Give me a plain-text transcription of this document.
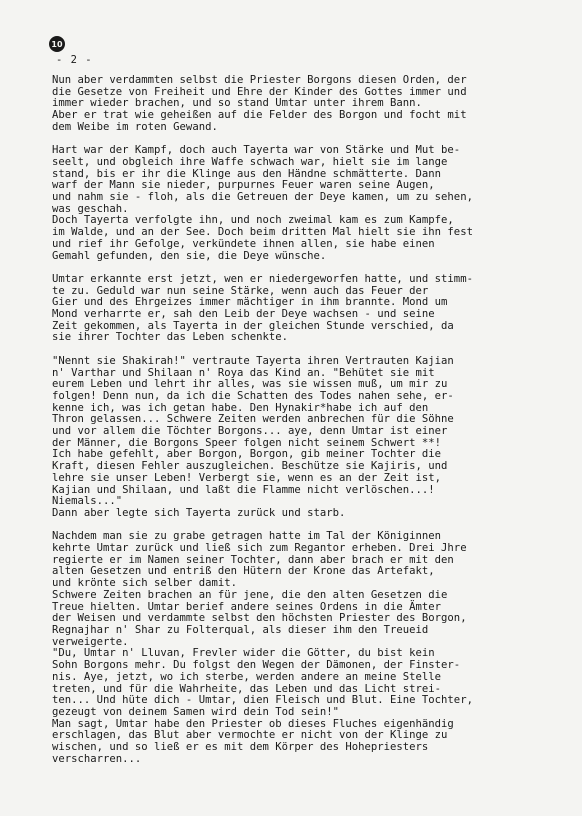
10
- 2 -

Nun aber verdammten selbst die Priester Borgons diesen Orden, der

die Gesetze von Freiheit und Ehre der Kinder des Gottes immer und

immer wieder brachen, und so stand Umtar unter ihrem Bann.

Aber er trat wie geheißen auf die Felder des Borgon und focht mit

dem Weibe im roten Gewand.

Hart war der Kampf, doch auch Tayerta war von Stärke und Mut be-

seelt, und obgleich ihre Waffe schwach war, hielt sie im lange

stand, bis er ihr die Klinge aus den Händne schmätterte. Dann

warf der Mann sie nieder, purpurnes Feuer waren seine Augen,

und nahm sie - floh, als die Getreuen der Deye kamen, um zu sehen,

was geschah.

Doch Tayerta verfolgte ihn, und noch zweimal kam es zum Kampfe,

im Walde, und an der See. Doch beim dritten Mal hielt sie ihn fest

und rief ihr Gefolge, verkündete ihnen allen, sie habe einen

Gemahl gefunden, den sie, die Deye wünsche.

Umtar erkannte erst jetzt, wen er niedergeworfen hatte, und stimm-

te zu. Geduld war nun seine Stärke, wenn auch das Feuer der

Gier und des Ehrgeizes immer mächtiger in ihm brannte. Mond um

Mond verharrte er, sah den Leib der Deye wachsen - und seine

Zeit gekommen, als Tayerta in der gleichen Stunde verschied, da

sie ihrer Tochter das Leben schenkte.

"Nennt sie Shakirah!" vertraute Tayerta ihren Vertrauten Kajian

n' Varthar und Shilaan n' Roya das Kind an. "Behütet sie mit

eurem Leben und lehrt ihr alles, was sie wissen muß, um mir zu

folgen! Denn nun, da ich die Schatten des Todes nahen sehe, er-

kenne ich, was ich getan habe. Den Hynakir*habe ich auf den

Thron gelassen... Schwere Zeiten werden anbrechen für die Söhne

und vor allem die Töchter Borgons... aye, denn Umtar ist einer

der Männer, die Borgons Speer folgen nicht seinem Schwert **!

Ich habe gefehlt, aber Borgon, Borgon, gib meiner Tochter die

Kraft, diesen Fehler auszugleichen. Beschütze sie Kajiris, und

lehre sie unser Leben! Verbergt sie, wenn es an der Zeit ist,

Kajian und Shilaan, und laßt die Flamme nicht verlöschen...!

Niemals..."

Dann aber legte sich Tayerta zurück und starb.

Nachdem man sie zu grabe getragen hatte im Tal der Königinnen

kehrte Umtar zurück und ließ sich zum Regantor erheben. Drei Jhre

regierte er im Namen seiner Tochter, dann aber brach er mit den

alten Gesetzen und entriß den Hütern der Krone das Artefakt,

und krönte sich selber damit.

Schwere Zeiten brachen an für jene, die den alten Gesetzen die

Treue hielten. Umtar berief andere seines Ordens in die Ämter

der Weisen und verdammte selbst den höchsten Priester des Borgon,

Regnajhar n' Shar zu Folterqual, als dieser ihm den Treueid

verweigerte.

"Du, Umtar n' Lluvan, Frevler wider die Götter, du bist kein

Sohn Borgons mehr. Du folgst den Wegen der Dämonen, der Finster-

nis. Aye, jetzt, wo ich sterbe, werden andere an meine Stelle

treten, und für die Wahrheite, das Leben und das Licht strei-

ten... Und hüte dich - Umtar, dien Fleisch und Blut. Eine Tochter,

gezeugt von deinem Samen wird dein Tod sein!"

Man sagt, Umtar habe den Priester ob dieses Fluches eigenhändig

erschlagen, das Blut aber vermochte er nicht von der Klinge zu

wischen, und so ließ er es mit dem Körper des Hohepriesters

verscharren...
